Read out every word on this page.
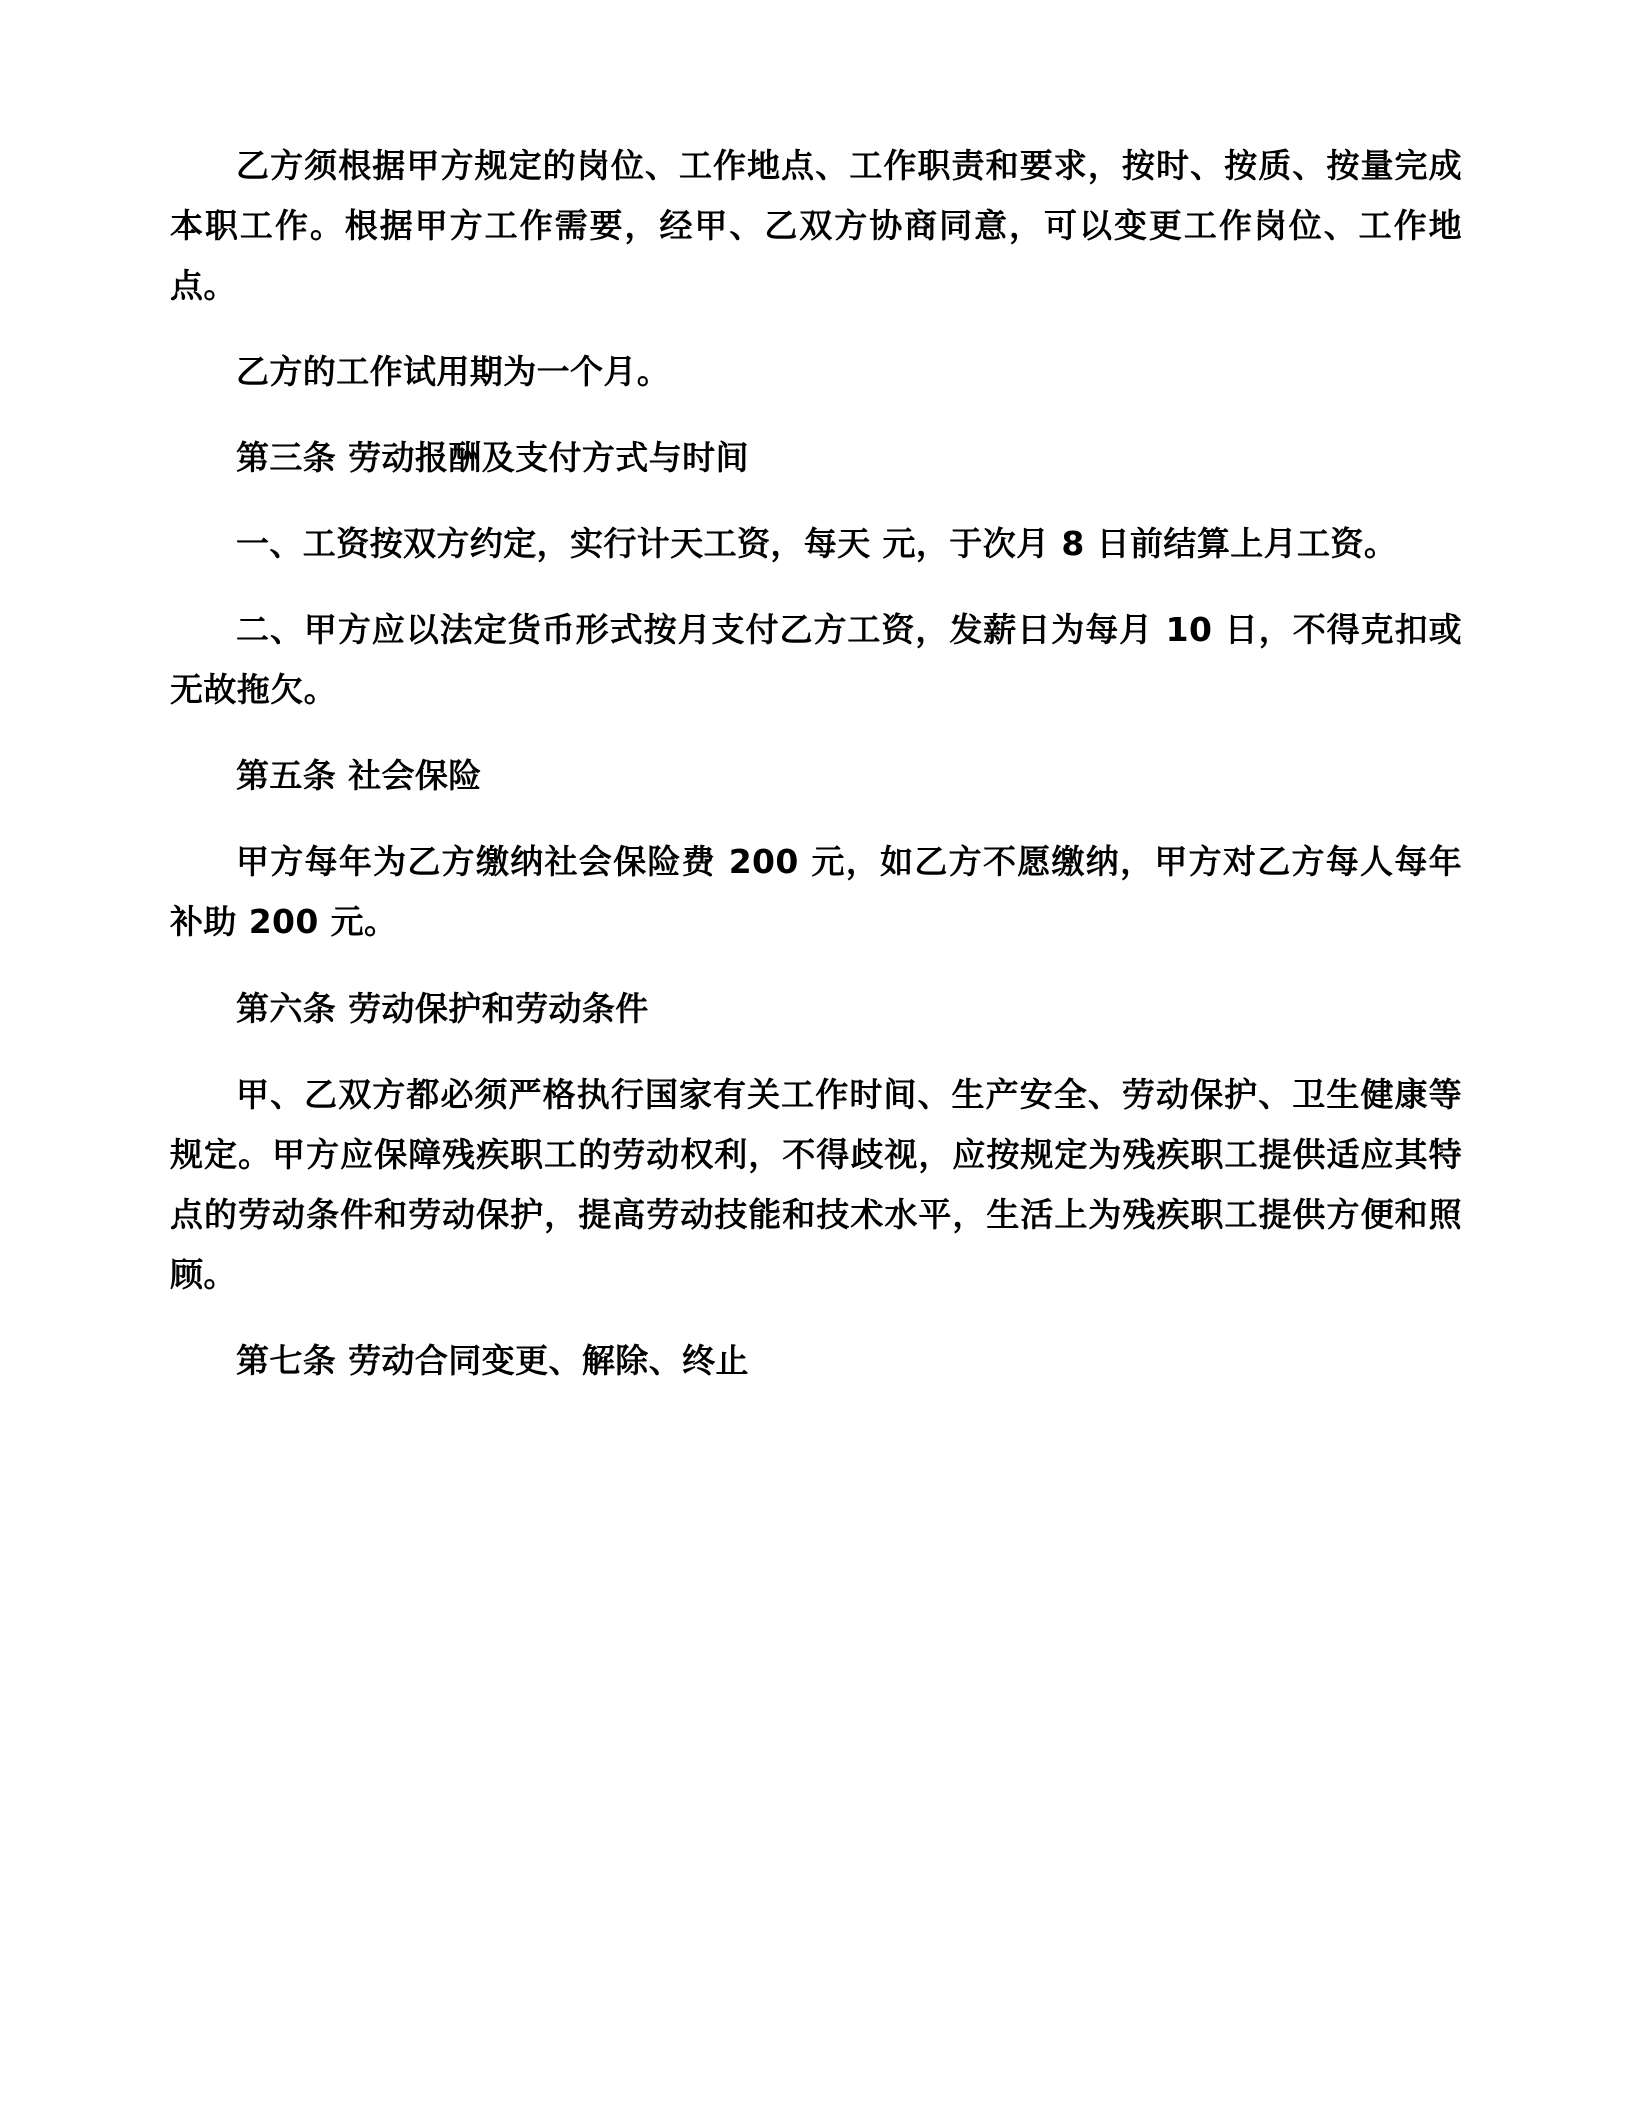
乙方须根据甲方规定的岗位、工作地点、工作职责和要求，按时、按质、按量完成本职工作。根据甲方工作需要，经甲、乙双方协商同意，可以变更工作岗位、工作地点。

乙方的工作试用期为一个月。

第三条 劳动报酬及支付方式与时间

一、工资按双方约定，实行计天工资，每天 元，于次月 8 日前结算上月工资。

二、甲方应以法定货币形式按月支付乙方工资，发薪日为每月 10 日，不得克扣或无故拖欠。

第五条 社会保险

甲方每年为乙方缴纳社会保险费 200 元，如乙方不愿缴纳，甲方对乙方每人每年补助 200 元。

第六条 劳动保护和劳动条件

甲、乙双方都必须严格执行国家有关工作时间、生产安全、劳动保护、卫生健康等规定。甲方应保障残疾职工的劳动权利，不得歧视，应按规定为残疾职工提供适应其特点的劳动条件和劳动保护，提高劳动技能和技术水平，生活上为残疾职工提供方便和照顾。

第七条 劳动合同变更、解除、终止
